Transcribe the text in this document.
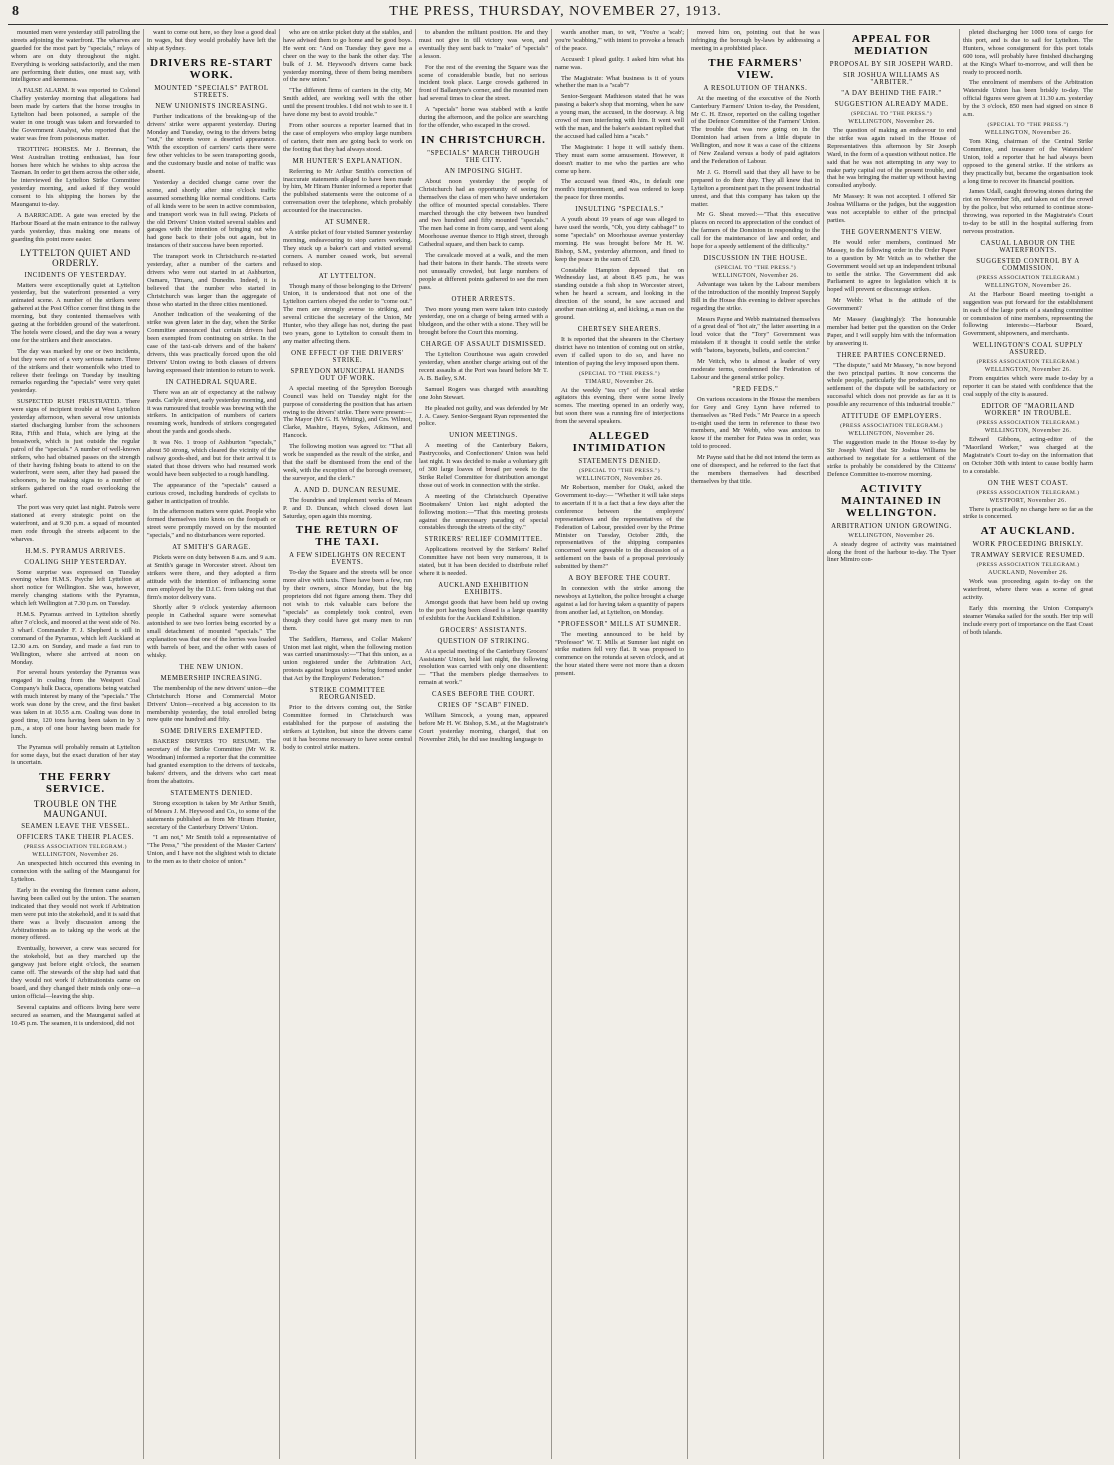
8	THE PRESS, THURSDAY, NOVEMBER 27, 1913.

mounted men were yesterday still patrolling the streets adjoining the waterfront. The wharves are guarded for the most part by "specials," relays of whom are on duty throughout the night. Everything is working satisfactorily, and the men are performing their duties, one must say, with intelligence and keenness.

A FALSE ALARM. It was reported to Colonel Chaffey yesterday morning that allegations had been made by carters that the horse troughs in Lyttelton had been poisoned, a sample of the water in one trough was taken and forwarded to the Government Analyst, who reported that the water was free from poisonous matter.

TROTTING HORSES. Mr J. Brennan, the West Australian trotting enthusiast, has four horses here which he wishes to ship across the Tasman. In order to get them across the other side, he interviewed the Lyttelton Strike Committee yesterday morning, and asked if they would consent to his shipping the horses by the Maunganui to-day.

A BARRICADE. A gate was erected by the Harbour Board at the main entrance to the railway yards yesterday, thus making one means of guarding this point more easier.

LYTTELTON QUIET AND ORDERLY.
INCIDENTS OF YESTERDAY.

Matters were exceptionally quiet at Lyttelton yesterday, but the waterfront presented a very animated scene. A number of the strikers were gathered at the Post Office corner first thing in the morning, but they contented themselves with gazing at the forbidden ground of the waterfront. The hotels were closed, and the day was a weary one for the strikers and their associates.

The day was marked by one or two incidents, but they were not of a very serious nature. Three of the strikers and their womenfolk who tried to relieve their feelings on Tuesday by insulting remarks regarding the "specials" were very quiet yesterday.

SUSPECTED RUSH FRUSTRATED. There were signs of incipient trouble at West Lyttelton yesterday afternoon, when several row unionists started discharging lumber from the schooners Rita, Fifth and Huia, which are lying at the breastwork, which is just outside the regular patrol of the "specials." A number of well-known strikers, who had obtained passes on the strength of their having fishing boats to attend to on the waterfront, were seen, after they had passed the schooners, to be making signs to a number of strikers gathered on the road overlooking the wharf.

The port was very quiet last night. Patrols were stationed at every strategic point on the waterfront, and at 9.30 p.m. a squad of mounted men rode through the streets adjacent to the wharves.

H.M.S. PYRAMUS ARRIVES.
COALING SHIP YESTERDAY.

Some surprise was expressed on Tuesday evening when H.M.S. Psyche left Lyttelton at short notice for Wellington. She was, however, merely changing stations with the Pyramus, which left Wellington at 7.30 p.m. on Tuesday.

H.M.S. Pyramus arrived in Lyttelton shortly after 7 o'clock, and moored at the west side of No. 3 wharf. Commander F. J. Shepherd is still in command of the Pyramus, which left Auckland at 12.30 a.m. on Sunday, and made a fast run to Wellington, where she arrived at noon on Monday.

For several hours yesterday the Pyramus was engaged in coaling from the Westport Coal Company's hulk Dacca, operations being watched with much interest by many of the "specials." The work was done by the crew, and the first basket was taken in at 10.55 a.m. Coaling was done in good time, 120 tons having been taken in by 3 p.m., a stop of one hour having been made for lunch.

The Pyramus will probably remain at Lyttelton for some days, but the exact duration of her stay is uncertain.

THE FERRY SERVICE.
TROUBLE ON THE MAUNGANUI.
SEAMEN LEAVE THE VESSEL.
OFFICERS TAKE THEIR PLACES.
(PRESS ASSOCIATION TELEGRAM.)
WELLINGTON, November 26.

An unexpected hitch occurred this evening in connexion with the sailing of the Maunganui for Lyttelton.

Early in the evening the firemen came ashore, having been called out by the union. The seamen indicated that they would not work if Arbitration men were put into the stokehold, and it is said that there was a lively discussion among the Arbitrationists as to taking up the work at the money offered.

Eventually, however, a crew was secured for the stokehold, but as they marched up the gangway just before eight o'clock, the seamen came off. The stewards of the ship had said that they would not work if Arbitrationists came on board, and they changed their minds only one—a union official—leaving the ship.

Several captains and officers living here were secured as seamen, and the Maunganui sailed at 10.45 p.m. The seamen, it is understood, did not

want to come out here, so they lose a good deal in wages, but they would probably have left the ship at Sydney.

DRIVERS RE-START WORK.
MOUNTED "SPECIALS" PATROL STREETS.
NEW UNIONISTS INCREASING.

Further indications of the breaking-up of the drivers' strike were apparent yesterday. During Monday and Tuesday, owing to the drivers being "out," the streets wore a deserted appearance. With the exception of carriers' carts there were few other vehicles to be seen transporting goods, and the customary bustle and noise of traffic was absent.

Yesterday a decided change came over the scene, and shortly after nine o'clock traffic assumed something like normal conditions. Carts of all kinds were to be seen in active commission, and transport work was in full swing. Pickets of the old Drivers' Union visited several stables and garages with the intention of bringing out who had gone back to their jobs out again, but in instances of their success have been reported.

The transport work in Christchurch re-started yesterday, after a number of the carters and drivers who were out started in at Ashburton, Oamaru, Timaru, and Dunedin. Indeed, it is believed that the number who started in Christchurch was larger than the aggregate of those who started in the three cities mentioned.

Another indication of the weakening of the strike was given later in the day, when the Strike Committee announced that certain drivers had been exempted from continuing on strike. In the case of the taxi-cab drivers and of the bakers' drivers, this was practically forced upon the old Drivers' Union owing to both classes of drivers having expressed their intention to return to work.

IN CATHEDRAL SQUARE.

There was an air of expectancy at the railway yards. Carlyle street, early yesterday morning, and it was rumoured that trouble was brewing with the strikers. In anticipation of numbers of carters resuming work, hundreds of strikers congregated about the yards and goods sheds.

It was No. 1 troop of Ashburton "specials," about 50 strong, which cleared the vicinity of the railway goods-shed, and but for their arrival it is stated that those drivers who had resumed work would have been subjected to a rough handling.

The appearance of the "specials" caused a curious crowd, including hundreds of cyclists to gather in anticipation of trouble.

In the afternoon matters were quiet. People who formed themselves into knots on the footpath or street were promptly moved on by the mounted "specials," and no disturbances were reported.

AT SMITH'S GARAGE.

Pickets were on duty between 8 a.m. and 9 a.m. at Smith's garage in Worcester street. About ten strikers were there, and they adopted a firm attitude with the intention of influencing some men employed by the D.I.C. from taking out that firm's motor delivery vans.

Shortly after 9 o'clock yesterday afternoon people in Cathedral square were somewhat astonished to see two lorries being escorted by a small detachment of mounted "specials." The explanation was that one of the lorries was loaded with barrels of beer, and the other with cases of whisky.

THE NEW UNION.
MEMBERSHIP INCREASING.

The membership of the new drivers' union—the Christchurch Horse and Commercial Motor Drivers' Union—received a big accession to its membership yesterday, the total enrolled being now quite one hundred and fifty.

SOME DRIVERS EXEMPTED.

BAKERS' DRIVERS TO RESUME. The secretary of the Strike Committee (Mr W. R. Woodman) informed a reporter that the committee had granted exemption to the drivers of taxicabs, bakers' drivers, and the drivers who cart meat from the abattoirs.

STATEMENTS DENIED.

Strong exception is taken by Mr Arthur Smith, of Messrs J. M. Heywood and Co., to some of the statements published as from Mr Hiram Hunter, secretary of the Canterbury Drivers' Union.

"I am not," Mr Smith told a representative of "The Press," "the president of the Master Carters' Union, and I have not the slightest wish to dictate to the men as to their choice of union."

who are on strike picket duty at the stables, and have advised them to go home and be good boys. He went on: "And on Tuesday they gave me a cheer on the way to the bank the other day. The bulk of J. M. Heywood's drivers came back yesterday morning, three of them being members of the new union."

"The different firms of carriers in the city, Mr Smith added, are working well with the other until the present troubles. I did not wish to see it. I have done my best to avoid trouble."

From other sources a reporter learned that in the case of employers who employ large numbers of carters, their men are going back to work on the footing that they had always stood.

MR HUNTER'S EXPLANATION.

Referring to Mr Arthur Smith's correction of inaccurate statements alleged to have been made by him, Mr Hiram Hunter informed a reporter that the published statements were the outcome of a conversation over the telephone, which probably accounted for the inaccuracies.

AT SUMNER.

A strike picket of four visited Sumner yesterday morning, endeavouring to stop carters working. They stuck up a baker's cart and visited several corners. A number ceased work, but several refused to stop.

AT LYTTELTON.

Though many of those belonging to the Drivers' Union, it is understood that not one of the Lyttelton carriers obeyed the order to "come out." The men are strongly averse to striking, and several criticise the secretary of the Union, Mr Hunter, who they allege has not, during the past two years, gone to Lyttelton to consult them in any matter affecting them.

ONE EFFECT OF THE DRIVERS' STRIKE.
SPREYDON MUNICIPAL HANDS OUT OF WORK.

A special meeting of the Spreydon Borough Council was held on Tuesday night for the purpose of considering the position that has arisen owing to the drivers' strike. There were present:—The Mayor (Mr G. H. Whiting), and Crs. Wilmot, Clarke, Mashire, Hayes, Sykes, Atkinson, and Hancock.

The following motion was agreed to: "That all work be suspended as the result of the strike, and that the staff be dismissed from the end of the week, with the exception of the borough overseer, the surveyor, and the clerk."

A. AND D. DUNCAN RESUME.

The foundries and implement works of Messrs P. and D. Duncan, which closed down last Saturday, open again this morning.

THE RETURN OF THE TAXI.
A FEW SIDELIGHTS ON RECENT EVENTS.

To-day the Square and the streets will be once more alive with taxis. There have been a few, run by their owners, since Monday, but the big proprietors did not figure among them. They did not wish to risk valuable cars before the "specials" as completely took control, even though they could have got many men to run them.

The Saddlers, Harness, and Collar Makers' Union met last night, when the following motion was carried unanimously:—"That this union, as a union registered under the Arbitration Act, protests against bogus unions being formed under that Act by the Employers' Federation."

STRIKE COMMITTEE REORGANISED.

Prior to the drivers coming out, the Strike Committee formed in Christchurch was established for the purpose of assisting the strikers at Lyttelton, but since the drivers came out it has become necessary to have some central body to control strike matters.

to abandon the militant position. He and they must not give in till victory was won, and eventually they sent back to "make" of "specials" a lesson.

For the rest of the evening the Square was the scene of considerable bustle, but no serious incident took place. Large crowds gathered in front of Ballantyne's corner, and the mounted men had several times to clear the street.

A "specials" horse was stabbed with a knife during the afternoon, and the police are searching for the offender, who escaped in the crowd.

IN CHRISTCHURCH.
"SPECIALS" MARCH THROUGH THE CITY.
AN IMPOSING SIGHT.

About noon yesterday the people of Christchurch had an opportunity of seeing for themselves the class of men who have undertaken the office of mounted special constables. There marched through the city between two hundred and two hundred and fifty mounted "specials." The men had come in from camp, and went along Moorhouse avenue thence to High street, through Cathedral square, and then back to camp.

The cavalcade moved at a walk, and the men had their batons in their hands. The streets were not unusually crowded, but large numbers of people at different points gathered to see the men pass.

OTHER ARRESTS.

Two more young men were taken into custody yesterday, one on a charge of being armed with a bludgeon, and the other with a stone. They will be brought before the Court this morning.

CHARGE OF ASSAULT DISMISSED.

The Lyttelton Courthouse was again crowded yesterday, when another charge arising out of the recent assaults at the Port was heard before Mr T. A. B. Bailey, S.M.

Samuel Rogers was charged with assaulting one John Stewart.

He pleaded not guilty, and was defended by Mr J. A. Casey. Senior-Sergeant Ryan represented the police.

UNION MEETINGS.

A meeting of the Canterbury Bakers, Pastrycooks, and Confectioners' Union was held last night. It was decided to make a voluntary gift of 300 large loaves of bread per week to the Strike Relief Committee for distribution amongst those out of work in connection with the strike.

A meeting of the Christchurch Operative Bootmakers' Union last night adopted the following motion:—"That this meeting protests against the unnecessary parading of special constables through the streets of the city."

STRIKERS' RELIEF COMMITTEE.

Applications received by the Strikers' Relief Committee have not been very numerous, it is stated, but it has been decided to distribute relief where it is needed.

AUCKLAND EXHIBITION EXHIBITS.

Amongst goods that have been held up owing to the port having been closed is a large quantity of exhibits for the Auckland Exhibition.

GROCERS' ASSISTANTS.
QUESTION OF STRIKING.

At a special meeting of the Canterbury Grocers' Assistants' Union, held last night, the following resolution was carried with only one dissentient:— "That the members pledge themselves to remain at work."

CASES BEFORE THE COURT.
CRIES OF "SCAB" FINED.

William Simcock, a young man, appeared before Mr H. W. Bishop, S.M., at the Magistrate's Court yesterday morning, charged, that on November 26th, he did use insulting language to

wards another man, to wit, "You're a 'scab'; you're 'scabbing,'" with intent to provoke a breach of the peace.

Accused: I plead guilty. I asked him what his name was.

The Magistrate: What business is it of yours whether the man is a "scab"?

Senior-Sergeant Mathieson stated that he was passing a baker's shop that morning, when he saw a young man, the accused, in the doorway. A big crowd of men interfering with him. It went well with the man, and the baker's assistant replied that the accused had called him a "scab."

The Magistrate: I hope it will satisfy them. They must earn some amusement. However, it doesn't matter to me who the parties are who come up here.

The accused was fined 40s., in default one month's imprisonment, and was ordered to keep the peace for three months.

INSULTING "SPECIALS."

A youth about 19 years of age was alleged to have used the words, "Oh, you dirty cabbage!" to some "specials" on Moorhouse avenue yesterday morning. He was brought before Mr H. W. Bishop, S.M., yesterday afternoon, and fined to keep the peace in the sum of £20.

Constable Hampton deposed that on Wednesday last, at about 8.45 p.m., he was standing outside a fish shop in Worcester street, when he heard a scream, and looking in the direction of the sound, he saw accused and another man striking at, and kicking, a man on the ground.

CHERTSEY SHEARERS.

It is reported that the shearers in the Chertsey district have no intention of coming out on strike, even if called upon to do so, and have no intention of paying the levy imposed upon them.

(SPECIAL TO "THE PRESS.")
TIMARU, November 26.

At the weekly "tea cry" of the local strike agitators this evening, there were some lively scenes. The meeting opened in an orderly way, but soon there was a running fire of interjections from the several speakers.

ALLEGED INTIMIDATION
STATEMENTS DENIED.
(SPECIAL TO "THE PRESS.")
WELLINGTON, November 26.

Mr Robertson, member for Otaki, asked the Government to-day:— "Whether it will take steps to ascertain if it is a fact that a few days after the conference between the employers' representatives and the representatives of the Federation of Labour, presided over by the Prime Minister on Tuesday, October 28th, the representatives of the shipping companies concerned were agreeable to the discussion of a settlement on the basis of a proposal previously submitted by them?"

A BOY BEFORE THE COURT.

In connexion with the strike among the newsboys at Lyttelton, the police brought a charge against a lad for having taken a quantity of papers from another lad, at Lyttelton, on Monday.

"PROFESSOR" MILLS AT SUMNER.

The meeting announced to be held by "Professor" W. T. Mills at Sumner last night on strike matters fell very flat. It was proposed to commence on the rotunda at seven o'clock, and at the hour stated there were not more than a dozen present.

moved him on, pointing out that he was infringing the borough by-laws by addressing a meeting in a prohibited place.

THE FARMERS' VIEW.
A RESOLUTION OF THANKS.

At the meeting of the executive of the North Canterbury Farmers' Union to-day, the President, Mr C. H. Ensor, reported on the calling together of the Defence Committee of the Farmers' Union. The trouble that was now going on in the Dominion had arisen from a little dispute in Wellington, and now it was a case of the citizens of New Zealand versus a body of paid agitators and the Federation of Labour.

Mr J. G. Horrell said that they all have to be prepared to do their duty. They all knew that in Lyttelton a prominent part in the present industrial unrest, and that this company has taken up the matter.

Mr G. Sheat moved:—"That this executive places on record its appreciation of the conduct of the farmers of the Dominion in responding to the call for the maintenance of law and order, and hope for a speedy settlement of the difficulty."

DISCUSSION IN THE HOUSE.
(SPECIAL TO "THE PRESS.")
WELLINGTON, November 26.

Advantage was taken by the Labour members of the introduction of the monthly Imprest Supply Bill in the House this evening to deliver speeches regarding the strike.

Messrs Payne and Webb maintained themselves of a great deal of "hot air," the latter asserting in a loud voice that the "Tory" Government was mistaken if it thought it could settle the strike with "batons, bayonets, bullets, and coercion."

Mr Veitch, who is almost a leader of very moderate terms, condemned the Federation of Labour and the general strike policy.

"RED FEDS."

On various occasions in the House the members for Grey and Grey Lynn have referred to themselves as "Red Feds." Mr Pearce in a speech to-night used the term in reference to these two members, and Mr Webb, who was anxious to know if the member for Patea was in order, was told to proceed.

Mr Payne said that he did not intend the term as one of disrespect, and he referred to the fact that the members themselves had described themselves by that title.

APPEAL FOR MEDIATION
PROPOSAL BY SIR JOSEPH WARD.
SIR JOSHUA WILLIAMS AS "ARBITER."
"A DAY BEHIND THE FAIR."
SUGGESTION ALREADY MADE.
(SPECIAL TO "THE PRESS.")
WELLINGTON, November 26.

The question of making an endeavour to end the strike was again raised in the House of Representatives this afternoon by Sir Joseph Ward, in the form of a question without notice. He said that he was not attempting in any way to make party capital out of the present trouble, and that he was bringing the matter up without having consulted anybody.

Mr Massey: It was not accepted. I offered Sir Joshua Williams or the judges, but the suggestion was not acceptable to either of the principal parties.

THE GOVERNMENT'S VIEW.

He would refer members, continued Mr Massey, to the following order in the Order Paper to a question by Mr Veitch as to whether the Government would set up an independent tribunal to settle the strike. The Government did ask Parliament to agree to legislation which it is hoped will prevent or discourage strikes.

Mr Webb: What is the attitude of the Government?

Mr Massey (laughingly): The honourable member had better put the question on the Order Paper, and I will supply him with the information by answering it.

THREE PARTIES CONCERNED.

"The dispute," said Mr Massey, "is now beyond the two principal parties. It now concerns the whole people, particularly the producers, and no settlement of the dispute will be satisfactory or successful which does not provide as far as it is possible any recurrence of this industrial trouble."

ATTITUDE OF EMPLOYERS.
(PRESS ASSOCIATION TELEGRAM.)
WELLINGTON, November 26.

The suggestion made in the House to-day by Sir Joseph Ward that Sir Joshua Williams be authorised to negotiate for a settlement of the strike is probably be considered by the Citizens' Defence Committee to-morrow morning.

ACTIVITY MAINTAINED IN WELLINGTON.
ARBITRATION UNION GROWING.
WELLINGTON, November 26.

A steady degree of activity was maintained along the front of the harbour to-day. The Tyser liner Mimiro con-

pleted discharging her 1000 tons of cargo for this port, and is due to sail for Lyttelton. The Hunters, whose consignment for this port totals 600 tons, will probably have finished discharging at the King's Wharf to-morrow, and will then be ready to proceed north.

The enrolment of members of the Arbitration Waterside Union has been briskly to-day. The official figures were given at 11.30 a.m. yesterday by the 3 o'clock, 850 men had signed on since 8 a.m.

(SPECIAL TO "THE PRESS.")
WELLINGTON, November 26.

Tom King, chairman of the Central Strike Committee, and treasurer of the Watersiders' Union, told a reporter that he had always been opposed to the general strike. If the strikers as they practically but, became the organisation took a long time to recover its financial position.

James Udall, caught throwing stones during the riot on November 5th, and taken out of the crowd by the police, but who returned to continue stone-throwing, was reported in the Magistrate's Court to-day to be still in the hospital suffering from nervous prostration.

CASUAL LABOUR ON THE WATERFRONTS.
SUGGESTED CONTROL BY A COMMISSION.
(PRESS ASSOCIATION TELEGRAM.)
WELLINGTON, November 26.

At the Harbour Board meeting to-night a suggestion was put forward for the establishment in each of the large ports of a standing committee or commission of nine members, representing the following interests:—Harbour Board, Government, shipowners, and merchants.

WELLINGTON'S COAL SUPPLY ASSURED.
(PRESS ASSOCIATION TELEGRAM.)
WELLINGTON, November 26.

From enquiries which were made to-day by a reporter it can be stated with confidence that the coal supply of the city is assured.

EDITOR OF "MAORILAND WORKER" IN TROUBLE.
(PRESS ASSOCIATION TELEGRAM.)
WELLINGTON, November 26.

Edward Gibbons, acting-editor of the "Maoriland Worker," was charged at the Magistrate's Court to-day on the information that on October 30th with intent to cause bodily harm to a constable.

ON THE WEST COAST.
(PRESS ASSOCIATION TELEGRAM.)
WESTPORT, November 26.

There is practically no change here so far as the strike is concerned.

AT AUCKLAND.
WORK PROCEEDING BRISKLY.
TRAMWAY SERVICE RESUMED.
(PRESS ASSOCIATION TELEGRAM.)
AUCKLAND, November 26.

Work was proceeding again to-day on the waterfront, where there was a scene of great activity.

Early this morning the Union Company's steamer Wanaka sailed for the south. Her trip will include every port of importance on the East Coast of both islands.
